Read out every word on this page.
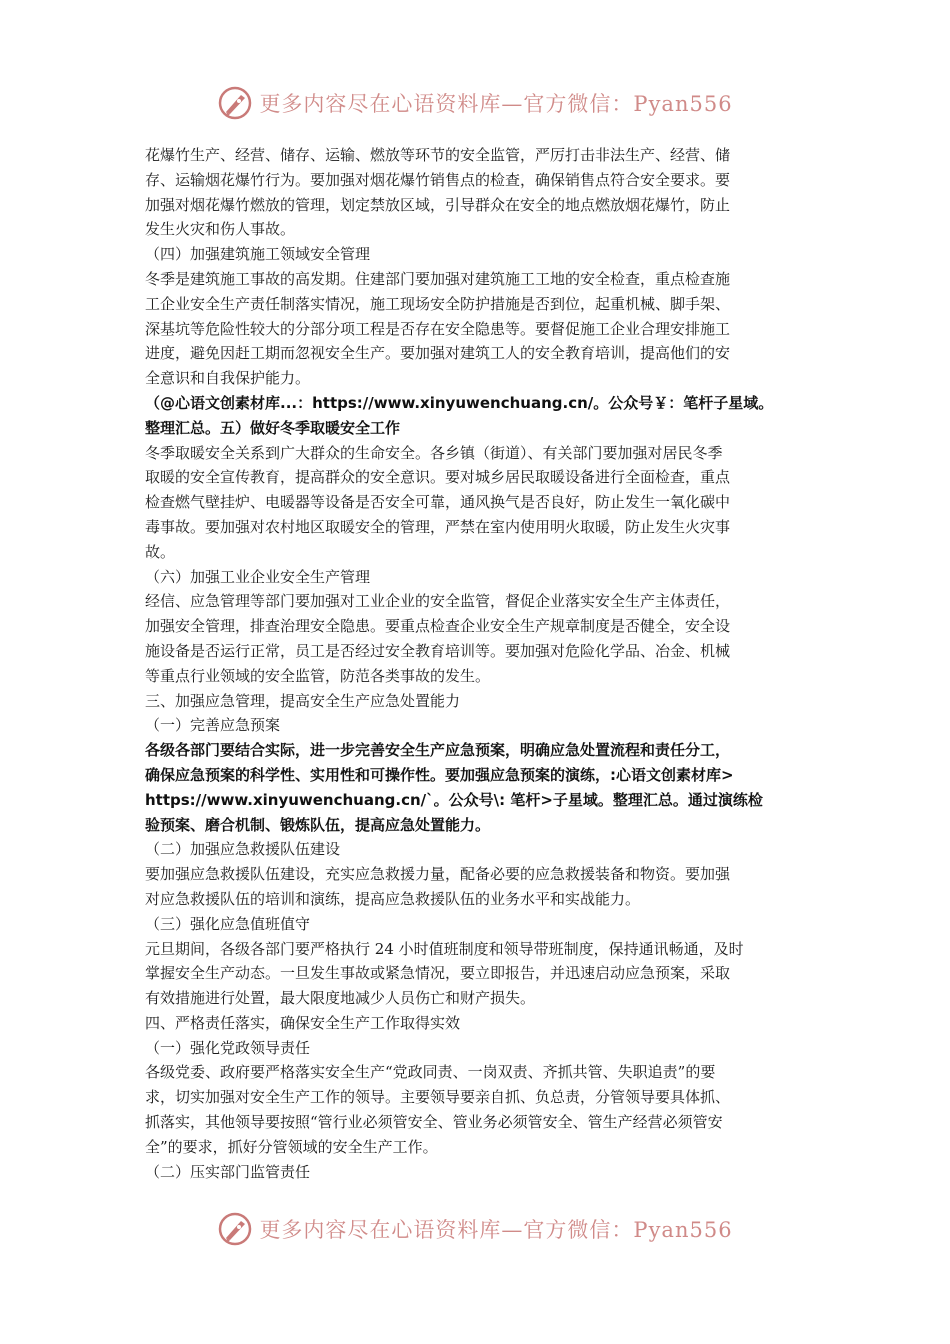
更多内容尽在心语资料库—官方微信：Pyan556
花爆竹生产、经营、储存、运输、燃放等环节的安全监管，严厉打击非法生产、经营、储
存、运输烟花爆竹行为。要加强对烟花爆竹销售点的检查，确保销售点符合安全要求。要
加强对烟花爆竹燃放的管理，划定禁放区域，引导群众在安全的地点燃放烟花爆竹，防止
发生火灾和伤人事故。
（四）加强建筑施工领域安全管理
冬季是建筑施工事故的高发期。住建部门要加强对建筑施工工地的安全检查，重点检查施
工企业安全生产责任制落实情况，施工现场安全防护措施是否到位，起重机械、脚手架、
深基坑等危险性较大的分部分项工程是否存在安全隐患等。要督促施工企业合理安排施工
进度，避免因赶工期而忽视安全生产。要加强对建筑工人的安全教育培训，提高他们的安
全意识和自我保护能力。
（@心语文创素材库...：https://www.xinyuwenchuang.cn/。公众号￥：笔杆子星域。
整理汇总。五）做好冬季取暖安全工作
冬季取暖安全关系到广大群众的生命安全。各乡镇（街道）、有关部门要加强对居民冬季
取暖的安全宣传教育，提高群众的安全意识。要对城乡居民取暖设备进行全面检查，重点
检查燃气壁挂炉、电暖器等设备是否安全可靠，通风换气是否良好，防止发生一氧化碳中
毒事故。要加强对农村地区取暖安全的管理，严禁在室内使用明火取暖，防止发生火灾事
故。
（六）加强工业企业安全生产管理
经信、应急管理等部门要加强对工业企业的安全监管，督促企业落实安全生产主体责任，
加强安全管理，排查治理安全隐患。要重点检查企业安全生产规章制度是否健全，安全设
施设备是否运行正常，员工是否经过安全教育培训等。要加强对危险化学品、冶金、机械
等重点行业领域的安全监管，防范各类事故的发生。
三、加强应急管理，提高安全生产应急处置能力
（一）完善应急预案
各级各部门要结合实际，进一步完善安全生产应急预案，明确应急处置流程和责任分工，
确保应急预案的科学性、实用性和可操作性。要加强应急预案的演练，:心语文创素材库>
https://www.xinyuwenchuang.cn/`。公众号\: 笔杆>子星域。整理汇总。通过演练检
验预案、磨合机制、锻炼队伍，提高应急处置能力。
（二）加强应急救援队伍建设
要加强应急救援队伍建设，充实应急救援力量，配备必要的应急救援装备和物资。要加强
对应急救援队伍的培训和演练，提高应急救援队伍的业务水平和实战能力。
（三）强化应急值班值守
元旦期间，各级各部门要严格执行 24 小时值班制度和领导带班制度，保持通讯畅通，及时
掌握安全生产动态。一旦发生事故或紧急情况，要立即报告，并迅速启动应急预案，采取
有效措施进行处置，最大限度地减少人员伤亡和财产损失。
四、严格责任落实，确保安全生产工作取得实效
（一）强化党政领导责任
各级党委、政府要严格落实安全生产“党政同责、一岗双责、齐抓共管、失职追责”的要
求，切实加强对安全生产工作的领导。主要领导要亲自抓、负总责，分管领导要具体抓、
抓落实，其他领导要按照“管行业必须管安全、管业务必须管安全、管生产经营必须管安
全”的要求，抓好分管领域的安全生产工作。
（二）压实部门监管责任
更多内容尽在心语资料库—官方微信：Pyan556
